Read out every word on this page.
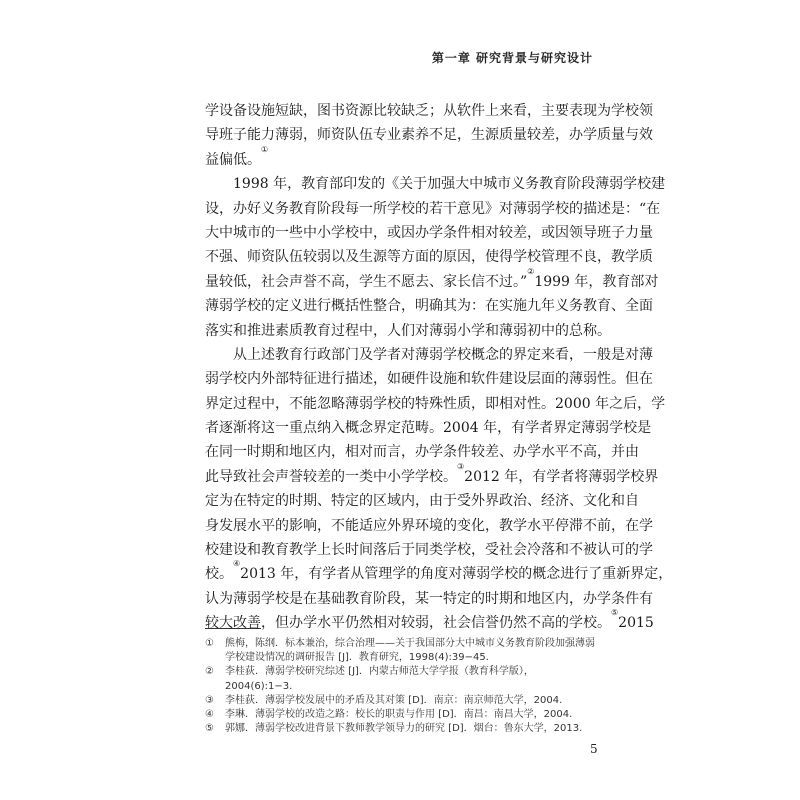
第一章 研究背景与研究设计
学设备设施短缺，图书资源比较缺乏；从软件上来看，主要表现为学校领
导班子能力薄弱，师资队伍专业素养不足，生源质量较差，办学质量与效
益偏低。①
1998 年，教育部印发的《关于加强大中城市义务教育阶段薄弱学校建
设，办好义务教育阶段每一所学校的若干意见》对薄弱学校的描述是：“在
大中城市的一些中小学校中，或因办学条件相对较差，或因领导班子力量
不强、师资队伍较弱以及生源等方面的原因，使得学校管理不良，教学质
量较低，社会声誉不高，学生不愿去、家长信不过。”②1999 年，教育部对
薄弱学校的定义进行概括性整合，明确其为：在实施九年义务教育、全面
落实和推进素质教育过程中，人们对薄弱小学和薄弱初中的总称。
从上述教育行政部门及学者对薄弱学校概念的界定来看，一般是对薄
弱学校内外部特征进行描述，如硬件设施和软件建设层面的薄弱性。但在
界定过程中，不能忽略薄弱学校的特殊性质，即相对性。2000 年之后，学
者逐渐将这一重点纳入概念界定范畴。2004 年，有学者界定薄弱学校是
在同一时期和地区内，相对而言，办学条件较差、办学水平不高，并由
此导致社会声誉较差的一类中小学学校。③2012 年，有学者将薄弱学校界
定为在特定的时期、特定的区域内，由于受外界政治、经济、文化和自
身发展水平的影响，不能适应外界环境的变化，教学水平停滞不前，在学
校建设和教育教学上长时间落后于同类学校，受社会冷落和不被认可的学
校。④2013 年，有学者从管理学的角度对薄弱学校的概念进行了重新界定，
认为薄弱学校是在基础教育阶段，某一特定的时期和地区内，办学条件有
较大改善，但办学水平仍然相对较弱，社会信誉仍然不高的学校。⑤2015
①	熊梅，陈纲．标本兼治，综合治理——关于我国部分大中城市义务教育阶段加强薄弱学校建设情况的调研报告 [J]．教育研究，1998(4):39−45.
②	李桂荻．薄弱学校研究综述 [J]．内蒙古师范大学学报（教育科学版），2004(6):1−3.
③	李桂荻．薄弱学校发展中的矛盾及其对策 [D]．南京：南京师范大学，2004.
④	李琳．薄弱学校的改造之路：校长的职责与作用 [D]．南昌：南昌大学，2004.
⑤	郭娜．薄弱学校改进背景下教师教学领导力的研究 [D]．烟台：鲁东大学，2013.
5
